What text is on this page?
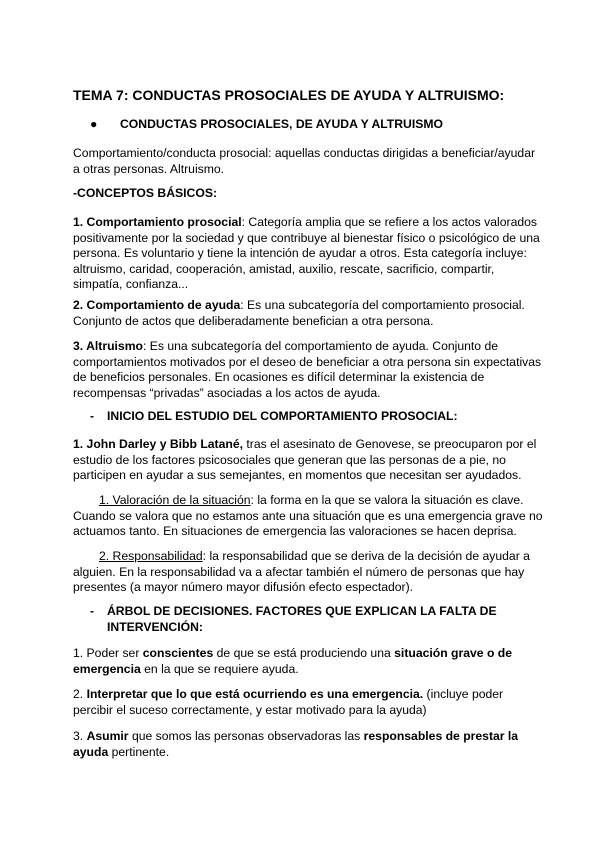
TEMA 7: CONDUCTAS PROSOCIALES DE AYUDA Y ALTRUISMO:
● CONDUCTAS PROSOCIALES, DE AYUDA Y ALTRUISMO
Comportamiento/conducta prosocial: aquellas conductas dirigidas a beneficiar/ayudar a otras personas. Altruismo.
-CONCEPTOS BÁSICOS:
1. Comportamiento prosocial: Categoría amplia que se refiere a los actos valorados positivamente por la sociedad y que contribuye al bienestar físico o psicológico de una persona. Es voluntario y tiene la intención de ayudar a otros. Esta categoría incluye: altruismo, caridad, cooperación, amistad, auxilio, rescate, sacrificio, compartir, simpatía, confianza...
2. Comportamiento de ayuda: Es una subcategoría del comportamiento prosocial. Conjunto de actos que deliberadamente benefician a otra persona.
3. Altruismo: Es una subcategoría del comportamiento de ayuda. Conjunto de comportamientos motivados por el deseo de beneficiar a otra persona sin expectativas de beneficios personales. En ocasiones es difícil determinar la existencia de recompensas “privadas” asociadas a los actos de ayuda.
- INICIO DEL ESTUDIO DEL COMPORTAMIENTO PROSOCIAL:
1. John Darley y Bibb Latané, tras el asesinato de Genovese, se preocuparon por el estudio de los factores psicosociales que generan que las personas de a pie, no participen en ayudar a sus semejantes, en momentos que necesitan ser ayudados.
1. Valoración de la situación: la forma en la que se valora la situación es clave. Cuando se valora que no estamos ante una situación que es una emergencia grave no actuamos tanto. En situaciones de emergencia las valoraciones se hacen deprisa.
2. Responsabilidad: la responsabilidad que se deriva de la decisión de ayudar a alguien. En la responsabilidad va a afectar también el número de personas que hay presentes (a mayor número mayor difusión efecto espectador).
- ÁRBOL DE DECISIONES. FACTORES QUE EXPLICAN LA FALTA DE INTERVENCIÓN:
1. Poder ser conscientes de que se está produciendo una situación grave o de emergencia en la que se requiere ayuda.
2. Interpretar que lo que está ocurriendo es una emergencia. (incluye poder percibir el suceso correctamente, y estar motivado para la ayuda)
3. Asumir que somos las personas observadoras las responsables de prestar la ayuda pertinente.
